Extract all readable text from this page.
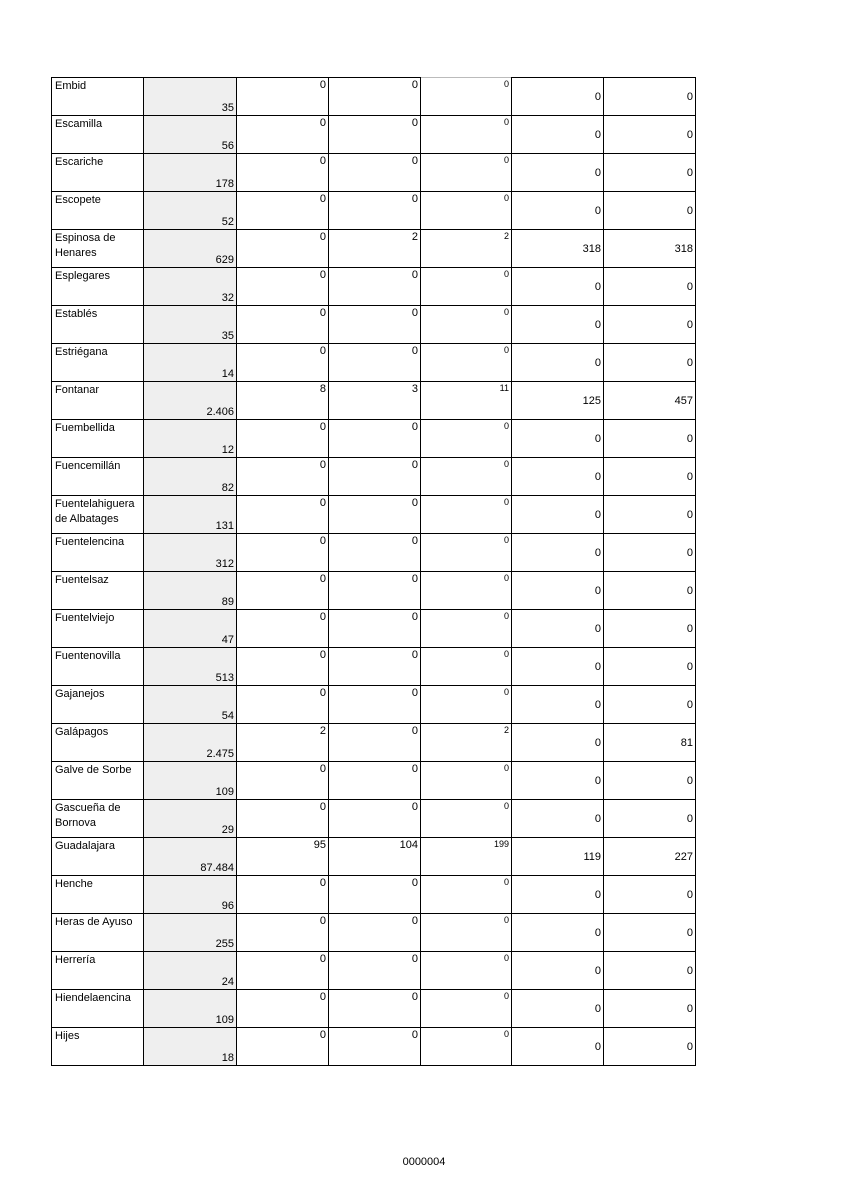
Embid	35	0	0	0	0	0
Escamilla	56	0	0	0	0	0
Escariche	178	0	0	0	0	0
Escopete	52	0	0	0	0	0
Espinosa de Henares	629	0	2	2	318	318
Esplegares	32	0	0	0	0	0
Establés	35	0	0	0	0	0
Estriégana	14	0	0	0	0	0
Fontanar	2.406	8	3	11	125	457
Fuembellida	12	0	0	0	0	0
Fuencemillán	82	0	0	0	0	0
Fuentelahiguera de Albatages	131	0	0	0	0	0
Fuentelencina	312	0	0	0	0	0
Fuentelsaz	89	0	0	0	0	0
Fuentelviejo	47	0	0	0	0	0
Fuentenovilla	513	0	0	0	0	0
Gajanejos	54	0	0	0	0	0
Galápagos	2.475	2	0	2	0	81
Galve de Sorbe	109	0	0	0	0	0
Gascueña de Bornova	29	0	0	0	0	0
Guadalajara	87.484	95	104	199	119	227
Henche	96	0	0	0	0	0
Heras de Ayuso	255	0	0	0	0	0
Herrería	24	0	0	0	0	0
Hiendelaencina	109	0	0	0	0	0
Hijes	18	0	0	0	0	0
0000004
